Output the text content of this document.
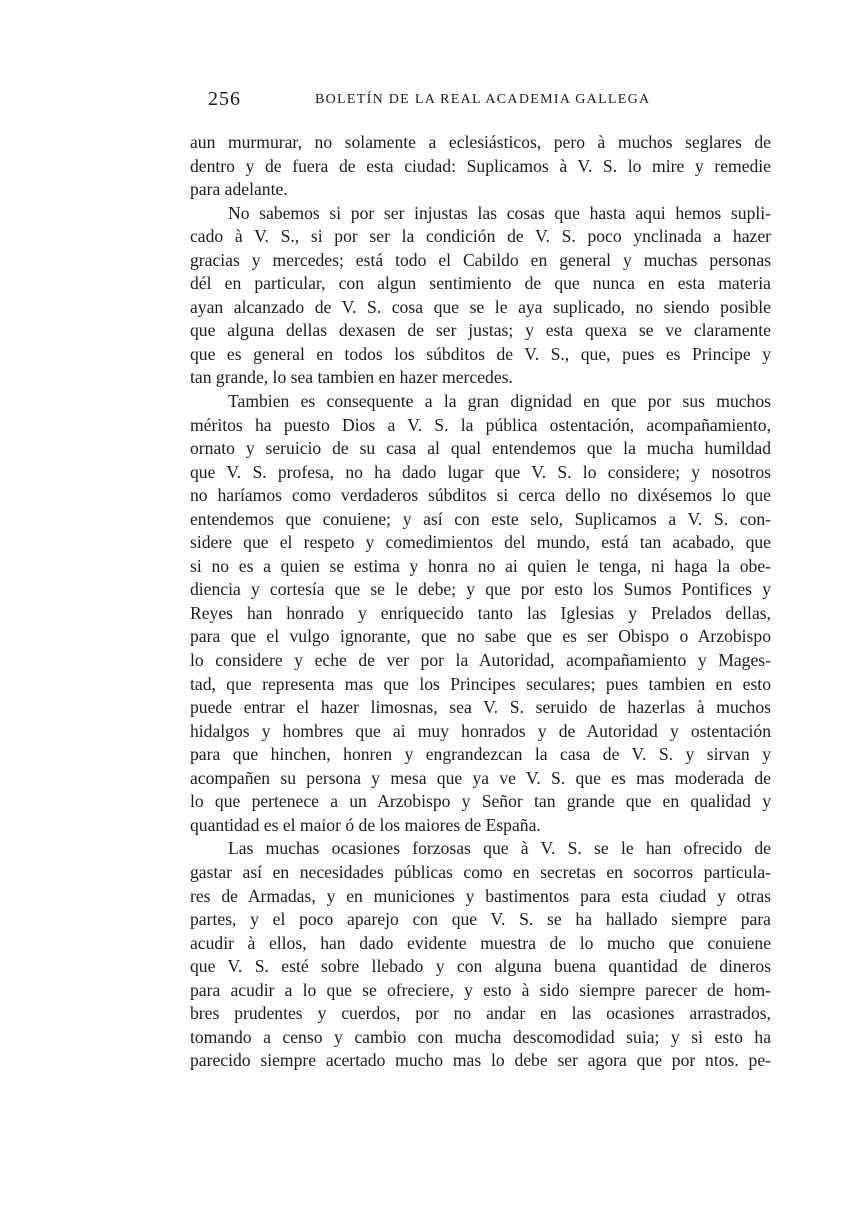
256	BOLETÍN DE LA REAL ACADEMIA GALLEGA
aun murmurar, no solamente a eclesiásticos, pero à muchos seglares de
dentro y de fuera de esta ciudad: Suplicamos à V. S. lo mire y remedie
para adelante.
No sabemos si por ser injustas las cosas que hasta aqui hemos supli-
cado à V. S., si por ser la condición de V. S. poco ynclinada a hazer
gracias y mercedes; está todo el Cabildo en general y muchas personas
dél en particular, con algun sentimiento de que nunca en esta materia
ayan alcanzado de V. S. cosa que se le aya suplicado, no siendo posible
que alguna dellas dexasen de ser justas; y esta quexa se ve claramente
que es general en todos los súbditos de V. S., que, pues es Principe y
tan grande, lo sea tambien en hazer mercedes.
Tambien es consequente a la gran dignidad en que por sus muchos
méritos ha puesto Dios a V. S. la pública ostentación, acompañamiento,
ornato y seruicio de su casa al qual entendemos que la mucha humildad
que V. S. profesa, no ha dado lugar que V. S. lo considere; y nosotros
no haríamos como verdaderos súbditos si cerca dello no dixésemos lo que
entendemos que conuiene; y así con este selo, Suplicamos a V. S. con-
sidere que el respeto y comedimientos del mundo, está tan acabado, que
si no es a quien se estima y honra no ai quien le tenga, ni haga la obe-
diencia y cortesía que se le debe; y que por esto los Sumos Pontifices y
Reyes han honrado y enriquecido tanto las Iglesias y Prelados dellas,
para que el vulgo ignorante, que no sabe que es ser Obispo o Arzobispo
lo considere y eche de ver por la Autoridad, acompañamiento y Mages-
tad, que representa mas que los Principes seculares; pues tambien en esto
puede entrar el hazer limosnas, sea V. S. seruido de hazerlas à muchos
hidalgos y hombres que ai muy honrados y de Autoridad y ostentación
para que hinchen, honren y engrandezcan la casa de V. S. y sirvan y
acompañen su persona y mesa que ya ve V. S. que es mas moderada de
lo que pertenece a un Arzobispo y Señor tan grande que en qualidad y
quantidad es el maior ó de los maiores de España.
Las muchas ocasiones forzosas que à V. S. se le han ofrecido de
gastar así en necesidades públicas como en secretas en socorros particula-
res de Armadas, y en municiones y bastimentos para esta ciudad y otras
partes, y el poco aparejo con que V. S. se ha hallado siempre para
acudir à ellos, han dado evidente muestra de lo mucho que conuiene
que V. S. esté sobre llebado y con alguna buena quantidad de dineros
para acudir a lo que se ofreciere, y esto à sido siempre parecer de hom-
bres prudentes y cuerdos, por no andar en las ocasiones arrastrados,
tomando a censo y cambio con mucha descomodidad suia; y si esto ha
parecido siempre acertado mucho mas lo debe ser agora que por ntos. pe-
